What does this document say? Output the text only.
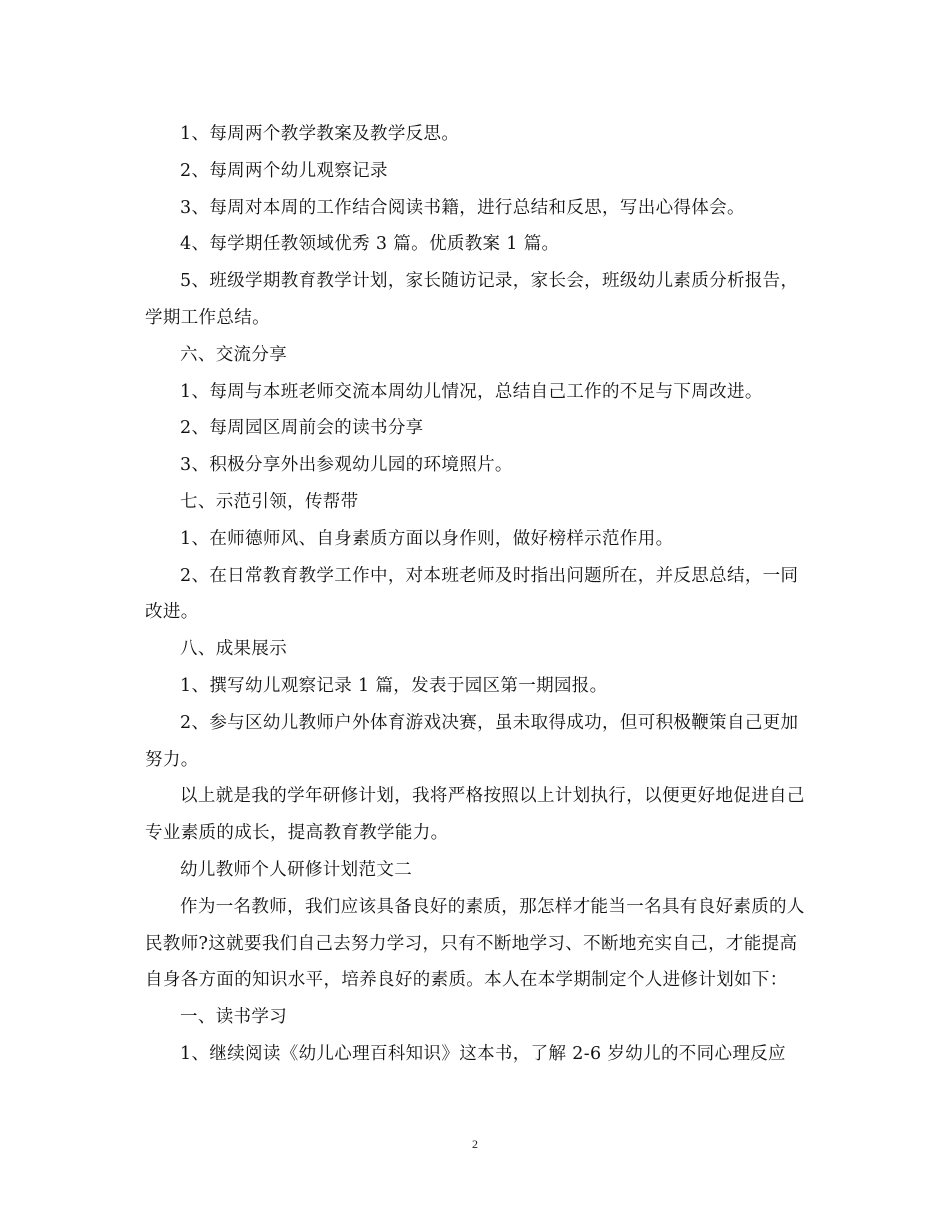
1、每周两个教学教案及教学反思。

2、每周两个幼儿观察记录

3、每周对本周的工作结合阅读书籍，进行总结和反思，写出心得体会。

4、每学期任教领域优秀 3 篇。优质教案 1 篇。

5、班级学期教育教学计划，家长随访记录，家长会，班级幼儿素质分析报告，学期工作总结。

六、交流分享

1、每周与本班老师交流本周幼儿情况，总结自己工作的不足与下周改进。

2、每周园区周前会的读书分享

3、积极分享外出参观幼儿园的环境照片。

七、示范引领，传帮带

1、在师德师风、自身素质方面以身作则，做好榜样示范作用。

2、在日常教育教学工作中，对本班老师及时指出问题所在，并反思总结，一同改进。

八、成果展示

1、撰写幼儿观察记录 1 篇，发表于园区第一期园报。

2、参与区幼儿教师户外体育游戏决赛，虽未取得成功，但可积极鞭策自己更加努力。

以上就是我的学年研修计划，我将严格按照以上计划执行，以便更好地促进自己专业素质的成长，提高教育教学能力。

幼儿教师个人研修计划范文二

作为一名教师，我们应该具备良好的素质，那怎样才能当一名具有良好素质的人民教师?这就要我们自己去努力学习，只有不断地学习、不断地充实自己，才能提高自身各方面的知识水平，培养良好的素质。本人在本学期制定个人进修计划如下：

一、读书学习

1、继续阅读《幼儿心理百科知识》这本书，了解 2-6 岁幼儿的不同心理反应

2
